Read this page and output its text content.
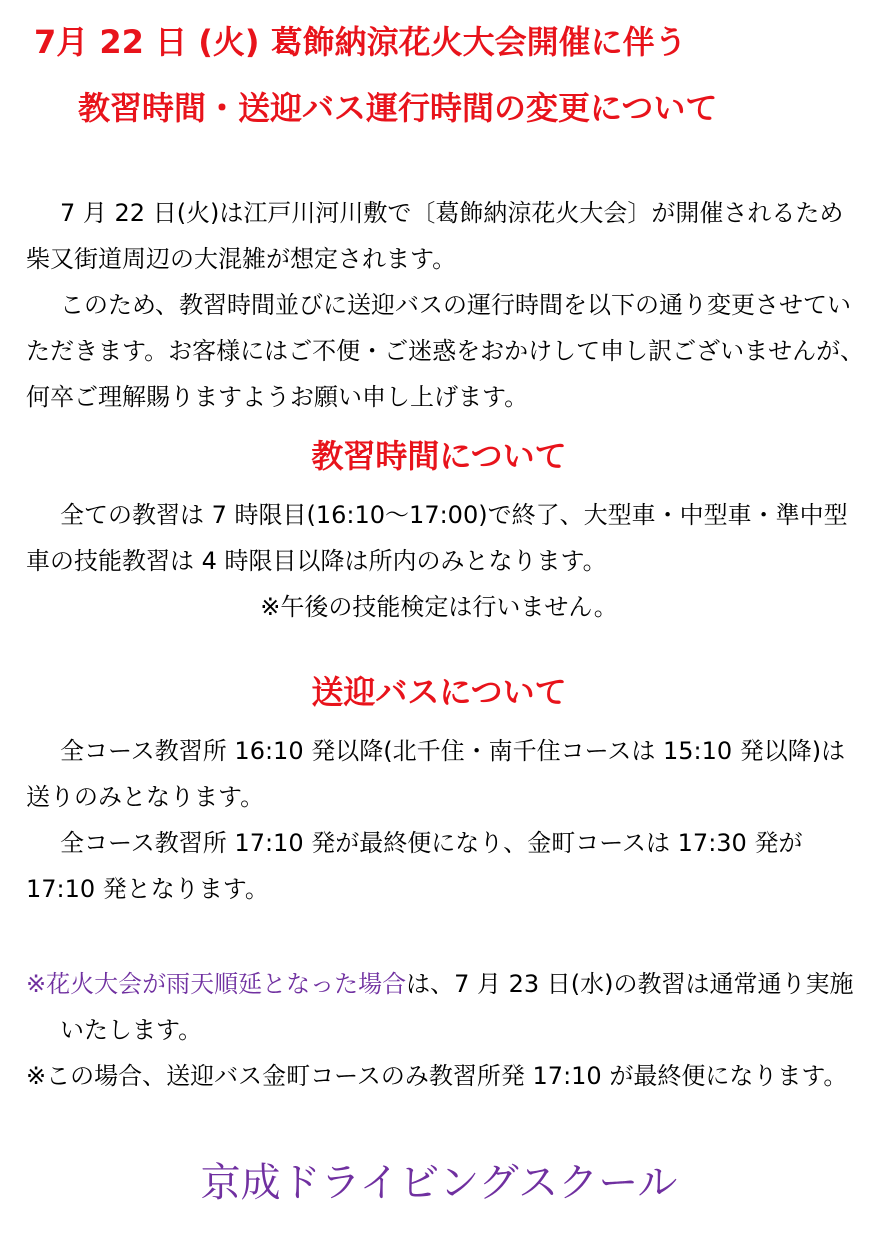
7月 22 日 (火) 葛飾納涼花火大会開催に伴う
教習時間・送迎バス運行時間の変更について

7 月 22 日(火)は江戸川河川敷で〔葛飾納涼花火大会〕が開催されるため柴又街道周辺の大混雑が想定されます。

このため、教習時間並びに送迎バスの運行時間を以下の通り変更させていただきます。お客様にはご不便・ご迷惑をおかけして申し訳ございませんが、何卒ご理解賜りますようお願い申し上げます。

教習時間について

全ての教習は 7 時限目(16:10〜17:00)で終了、大型車・中型車・準中型車の技能教習は 4 時限目以降は所内のみとなります。

※午後の技能検定は行いません。

送迎バスについて

全コース教習所 16:10 発以降(北千住・南千住コースは 15:10 発以降)は送りのみとなります。

全コース教習所 17:10 発が最終便になり、金町コースは 17:30 発が 17:10 発となります。

※花火大会が雨天順延となった場合は、7 月 23 日(水)の教習は通常通り実施いたします。

※この場合、送迎バス金町コースのみ教習所発 17:10 が最終便になります。

京成ドライビングスクール
